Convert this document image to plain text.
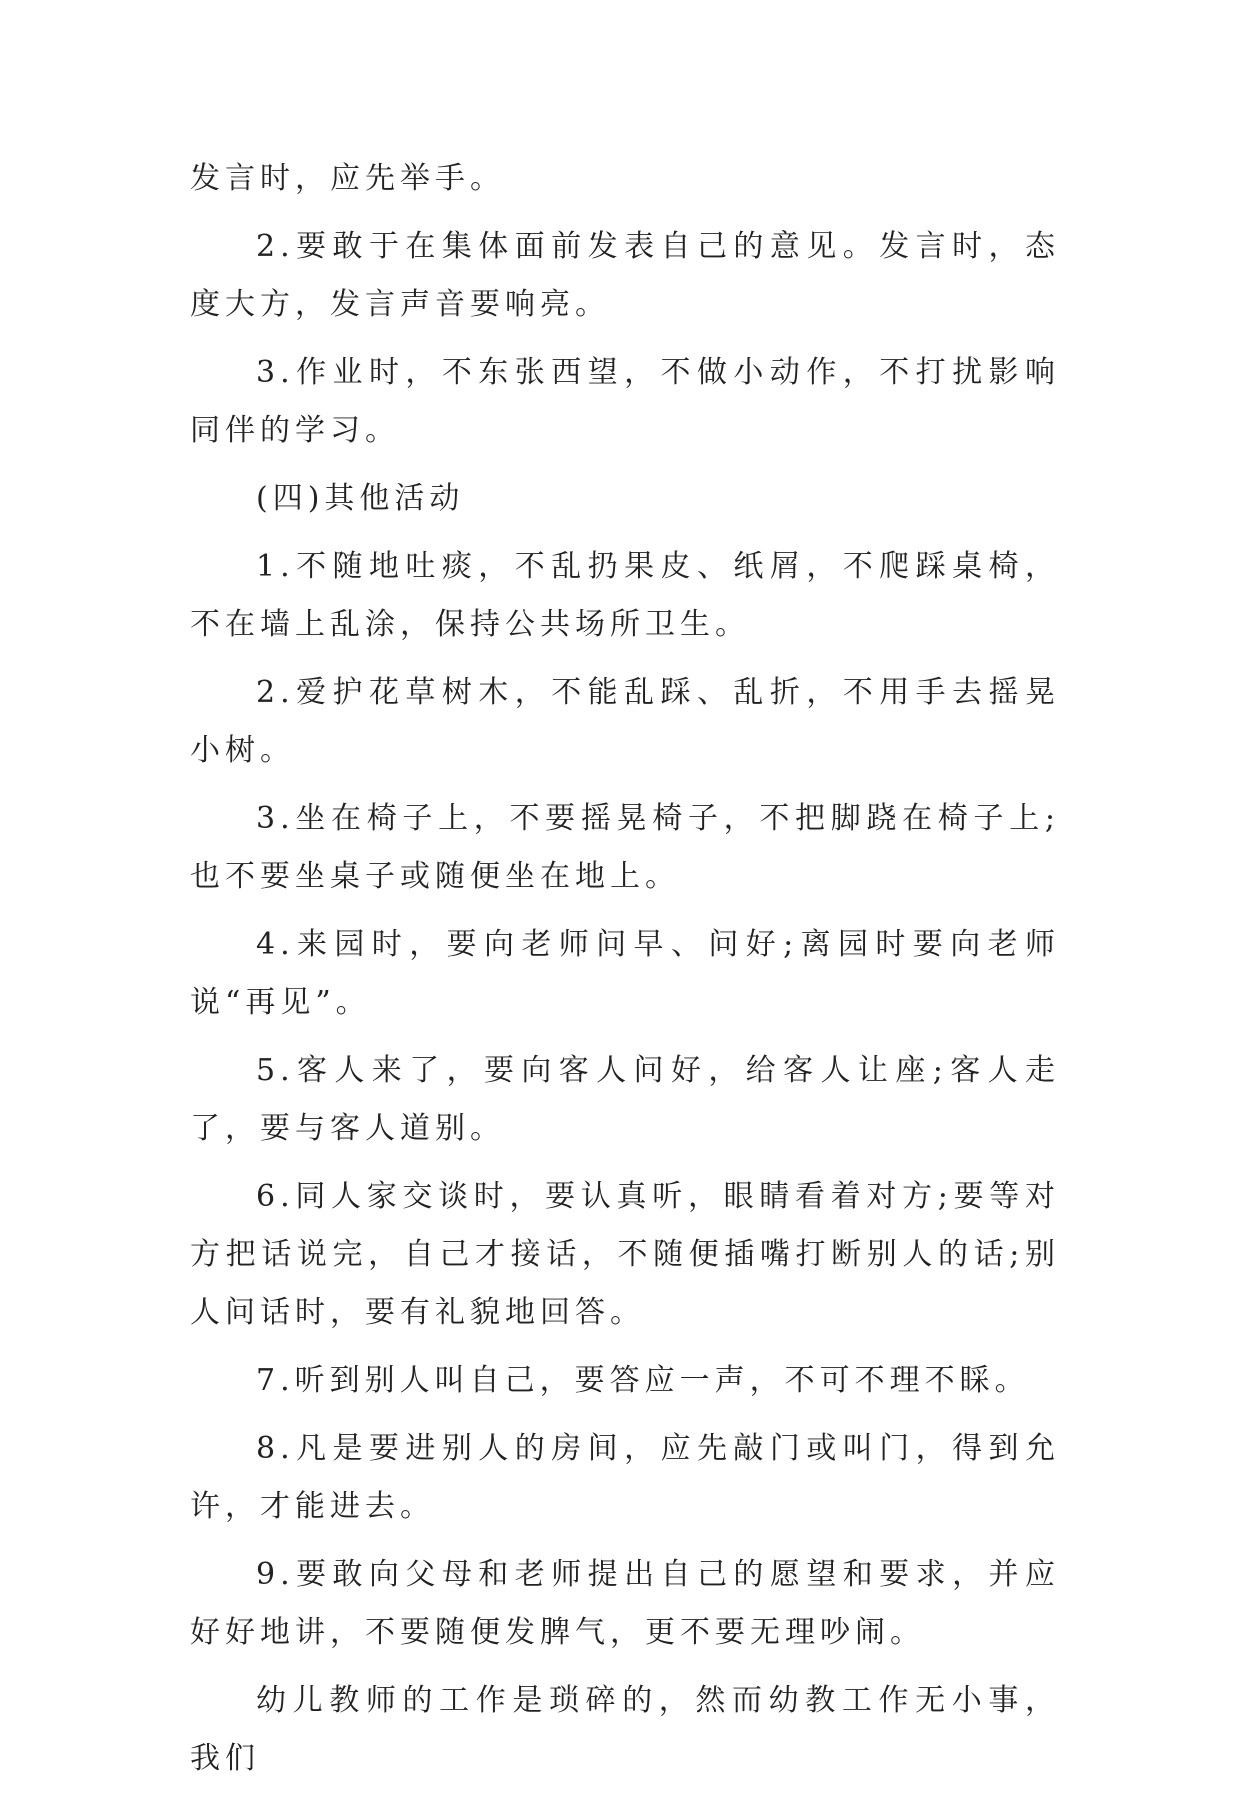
发言时，应先举手。

2.要敢于在集体面前发表自己的意见。发言时，态度大方，发言声音要响亮。

3.作业时，不东张西望，不做小动作，不打扰影响同伴的学习。

(四)其他活动

1.不随地吐痰，不乱扔果皮、纸屑，不爬踩桌椅，不在墙上乱涂，保持公共场所卫生。

2.爱护花草树木，不能乱踩、乱折，不用手去摇晃小树。

3.坐在椅子上，不要摇晃椅子，不把脚跷在椅子上;也不要坐桌子或随便坐在地上。

4.来园时，要向老师问早、问好;离园时要向老师说“再见”。

5.客人来了，要向客人问好，给客人让座;客人走了，要与客人道别。

6.同人家交谈时，要认真听，眼睛看着对方;要等对方把话说完，自己才接话，不随便插嘴打断别人的话;别人问话时，要有礼貌地回答。

7.听到别人叫自己，要答应一声，不可不理不睬。

8.凡是要进别人的房间，应先敲门或叫门，得到允许，才能进去。

9.要敢向父母和老师提出自己的愿望和要求，并应好好地讲，不要随便发脾气，更不要无理吵闹。

幼儿教师的工作是琐碎的，然而幼教工作无小事，我们
